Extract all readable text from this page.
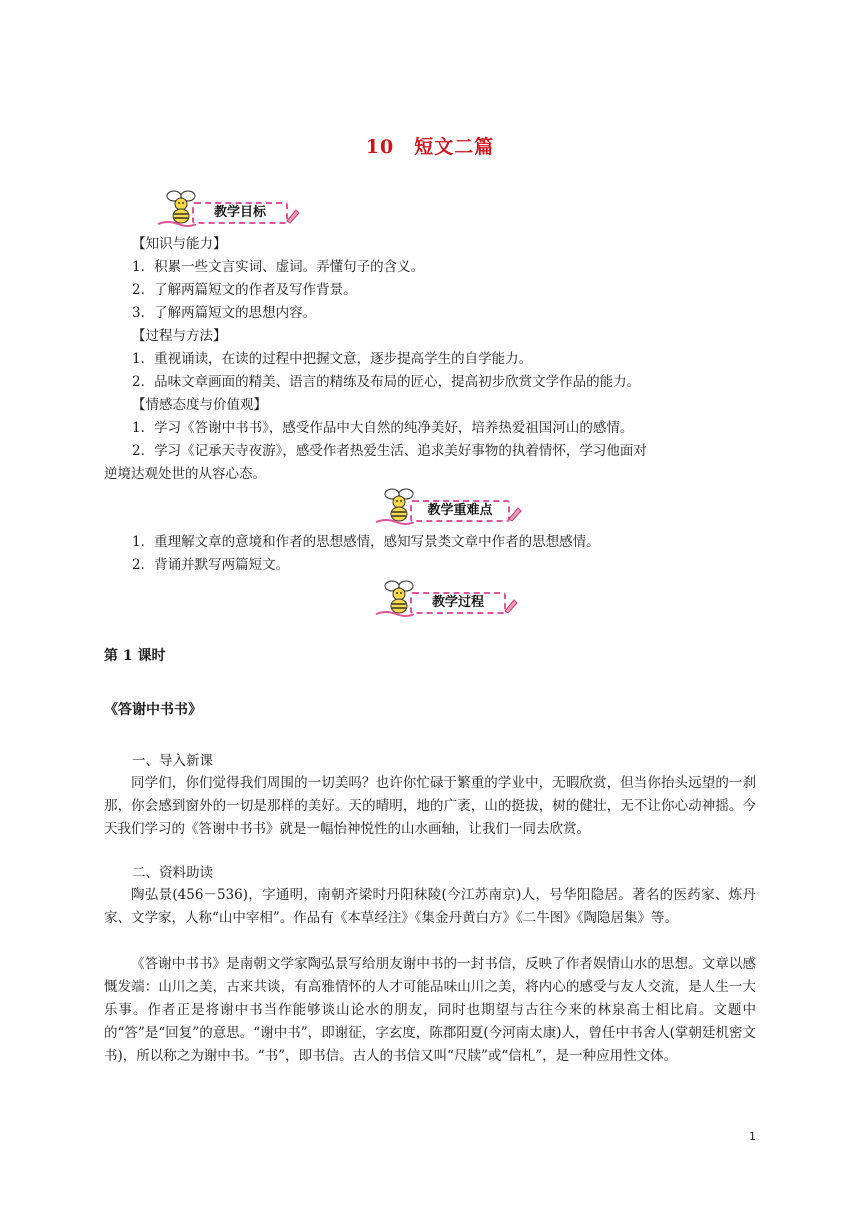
10　短文二篇
教学目标
【知识与能力】
1．积累一些文言实词、虚词。弄懂句子的含义。
2．了解两篇短文的作者及写作背景。
3．了解两篇短文的思想内容。
【过程与方法】
1．重视诵读，在读的过程中把握文意，逐步提高学生的自学能力。
2．品味文章画面的精美、语言的精练及布局的匠心，提高初步欣赏文学作品的能力。
【情感态度与价值观】
1．学习《答谢中书书》，感受作品中大自然的纯净美好，培养热爱祖国河山的感情。
2．学习《记承天寺夜游》，感受作者热爱生活、追求美好事物的执着情怀，学习他面对
逆境达观处世的从容心态。
教学重难点
1．重理解文章的意境和作者的思想感情，感知写景类文章中作者的思想感情。
2．背诵并默写两篇短文。
教学过程
第 1 课时
《答谢中书书》
一、导入新课
同学们，你们觉得我们周围的一切美吗？也许你忙碌于繁重的学业中，无暇欣赏，但当你抬头远望的一刹那，你会感到窗外的一切是那样的美好。天的晴明，地的广袤，山的挺拔，树的健壮，无不让你心动神摇。今天我们学习的《答谢中书书》就是一幅怡神悦性的山水画轴，让我们一同去欣赏。
二、资料助读
陶弘景(456－536)，字通明，南朝齐梁时丹阳秣陵(今江苏南京)人，号华阳隐居。著名的医药家、炼丹家、文学家，人称“山中宰相”。作品有《本草经注》《集金丹黄白方》《二牛图》《陶隐居集》等。
《答谢中书书》是南朝文学家陶弘景写给朋友谢中书的一封书信，反映了作者娱情山水的思想。文章以感慨发端：山川之美，古来共谈，有高雅情怀的人才可能品味山川之美，将内心的感受与友人交流，是人生一大乐事。作者正是将谢中书当作能够谈山论水的朋友，同时也期望与古往今来的林泉高士相比肩。文题中的“答”是“回复”的意思。“谢中书”，即谢征，字玄度，陈郡阳夏(今河南太康)人，曾任中书舍人(掌朝廷机密文书)，所以称之为谢中书。“书”，即书信。古人的书信又叫“尺牍”或“信札”，是一种应用性文体。
1
